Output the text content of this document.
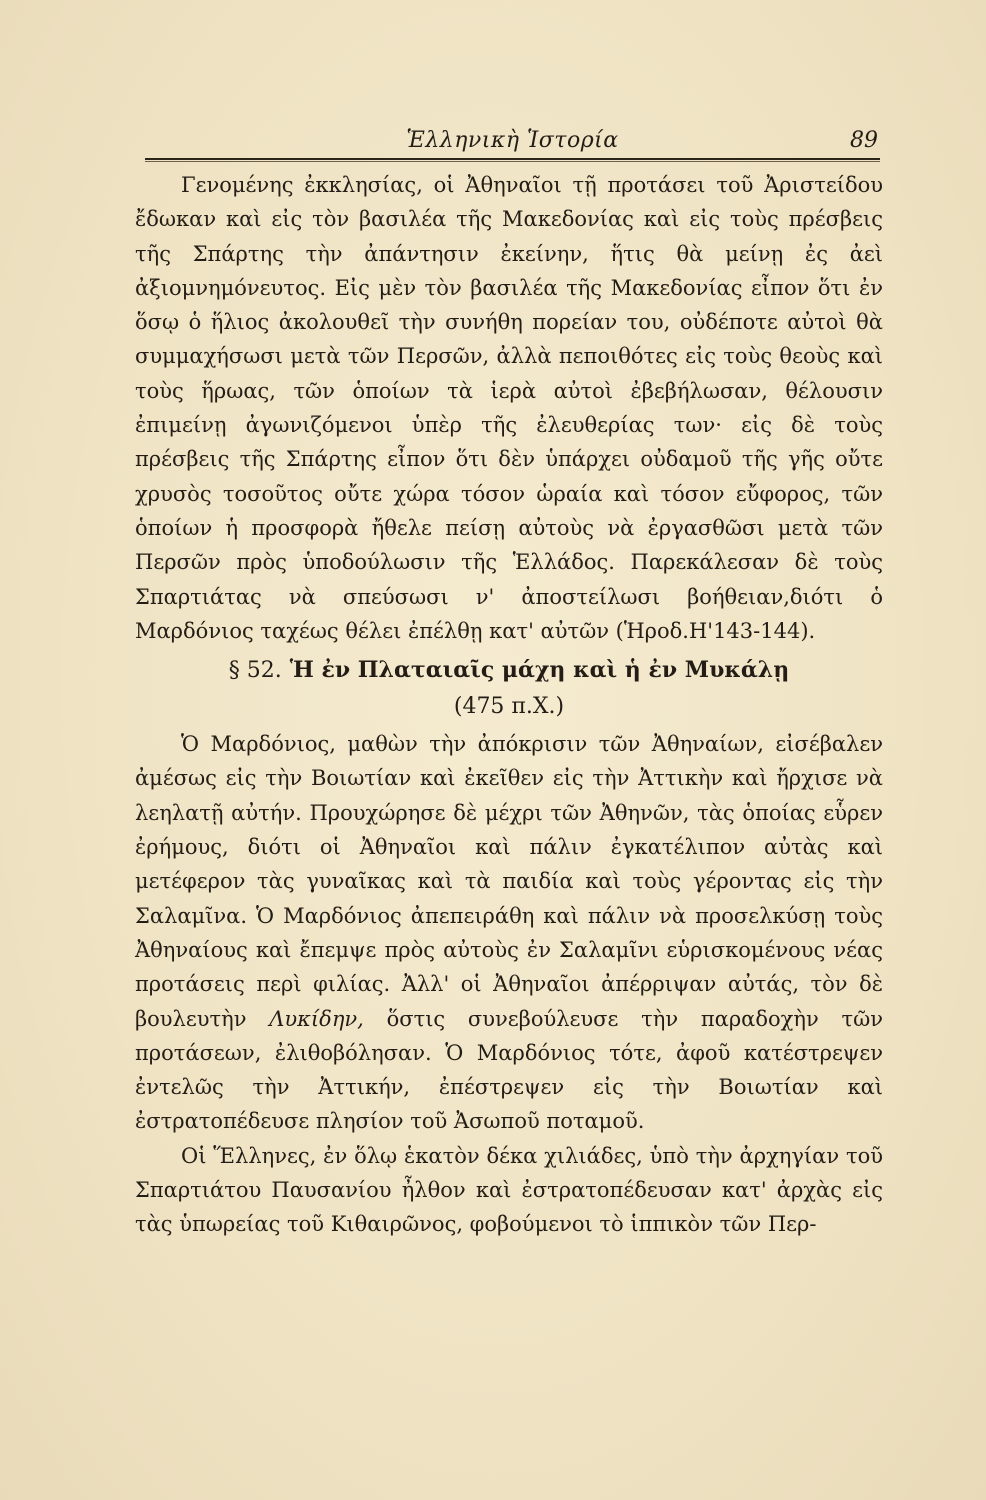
Ἑλληνικὴ Ἱστορία	89

Γενομένης ἐκκλησίας, οἱ Ἀθηναῖοι τῇ προτάσει τοῦ Ἀριστείδου ἔδωκαν καὶ εἰς τὸν βασιλέα τῆς Μακεδονίας καὶ εἰς τοὺς πρέσβεις τῆς Σπάρτης τὴν ἀπάντησιν ἐκείνην, ἥτις θὰ μείνῃ ἐς ἀεὶ ἀξιομνημόνευτος. Εἰς μὲν τὸν βασιλέα τῆς Μακεδονίας εἶπον ὅτι ἐν ὅσῳ ὁ ἥλιος ἀκολουθεῖ τὴν συνήθη πορείαν του, οὐδέποτε αὐτοὶ θὰ συμμαχήσωσι μετὰ τῶν Περσῶν, ἀλλὰ πεποιθότες εἰς τοὺς θεοὺς καὶ τοὺς ἥρωας, τῶν ὁποίων τὰ ἱερὰ αὐτοὶ ἐβεβήλωσαν, θέλουσιν ἐπιμείνῃ ἀγωνιζόμενοι ὑπὲρ τῆς ἐλευθερίας των· εἰς δὲ τοὺς πρέσβεις τῆς Σπάρτης εἶπον ὅτι δὲν ὑπάρχει οὐδαμοῦ τῆς γῆς οὔτε χρυσὸς τοσοῦτος οὔτε χώρα τόσον ὡραία καὶ τόσον εὔφορος, τῶν ὁποίων ἡ προσφορὰ ἤθελε πείσῃ αὐτοὺς νὰ ἐργασθῶσι μετὰ τῶν Περσῶν πρὸς ὑποδούλωσιν τῆς Ἑλλάδος. Παρεκάλεσαν δὲ τοὺς Σπαρτιάτας νὰ σπεύσωσι ν' ἀποστείλωσι βοήθειαν,διότι ὁ Μαρδόνιος ταχέως θέλει ἐπέλθῃ κατ' αὐτῶν (Ἡροδ.Η'143-144).

§ 52. Ἡ ἐν Πλαταιαῖς μάχη καὶ ἡ ἐν Μυκάλῃ
(475 π.Χ.)

Ὁ Μαρδόνιος, μαθὼν τὴν ἀπόκρισιν τῶν Ἀθηναίων, εἰσέβαλεν ἀμέσως εἰς τὴν Βοιωτίαν καὶ ἐκεῖθεν εἰς τὴν Ἀττικὴν καὶ ἤρχισε νὰ λεηλατῇ αὐτήν. Προυχώρησε δὲ μέχρι τῶν Ἀθηνῶν, τὰς ὁποίας εὗρεν ἐρήμους, διότι οἱ Ἀθηναῖοι καὶ πάλιν ἐγκατέλιπον αὐτὰς καὶ μετέφερον τὰς γυναῖκας καὶ τὰ παιδία καὶ τοὺς γέροντας εἰς τὴν Σαλαμῖνα. Ὁ Μαρδόνιος ἀπεπειράθη καὶ πάλιν νὰ προσελκύσῃ τοὺς Ἀθηναίους καὶ ἔπεμψε πρὸς αὐτοὺς ἐν Σαλαμῖνι εὑρισκομένους νέας προτάσεις περὶ φιλίας. Ἀλλ' οἱ Ἀθηναῖοι ἀπέρριψαν αὐτάς, τὸν δὲ βουλευτὴν Λυκίδην, ὅστις συνεβούλευσε τὴν παραδοχὴν τῶν προτάσεων, ἐλιθοβόλησαν. Ὁ Μαρδόνιος τότε, ἀφοῦ κατέστρεψεν ἐντελῶς τὴν Ἀττικήν, ἐπέστρεψεν εἰς τὴν Βοιωτίαν καὶ ἐστρατοπέδευσε πλησίον τοῦ Ἀσωποῦ ποταμοῦ.

Οἱ Ἕλληνες, ἐν ὅλῳ ἑκατὸν δέκα χιλιάδες, ὑπὸ τὴν ἀρχηγίαν τοῦ Σπαρτιάτου Παυσανίου ἦλθον καὶ ἐστρατοπέδευσαν κατ' ἀρχὰς εἰς τὰς ὑπωρείας τοῦ Κιθαιρῶνος, φοβούμενοι τὸ ἱππικὸν τῶν Περ-
